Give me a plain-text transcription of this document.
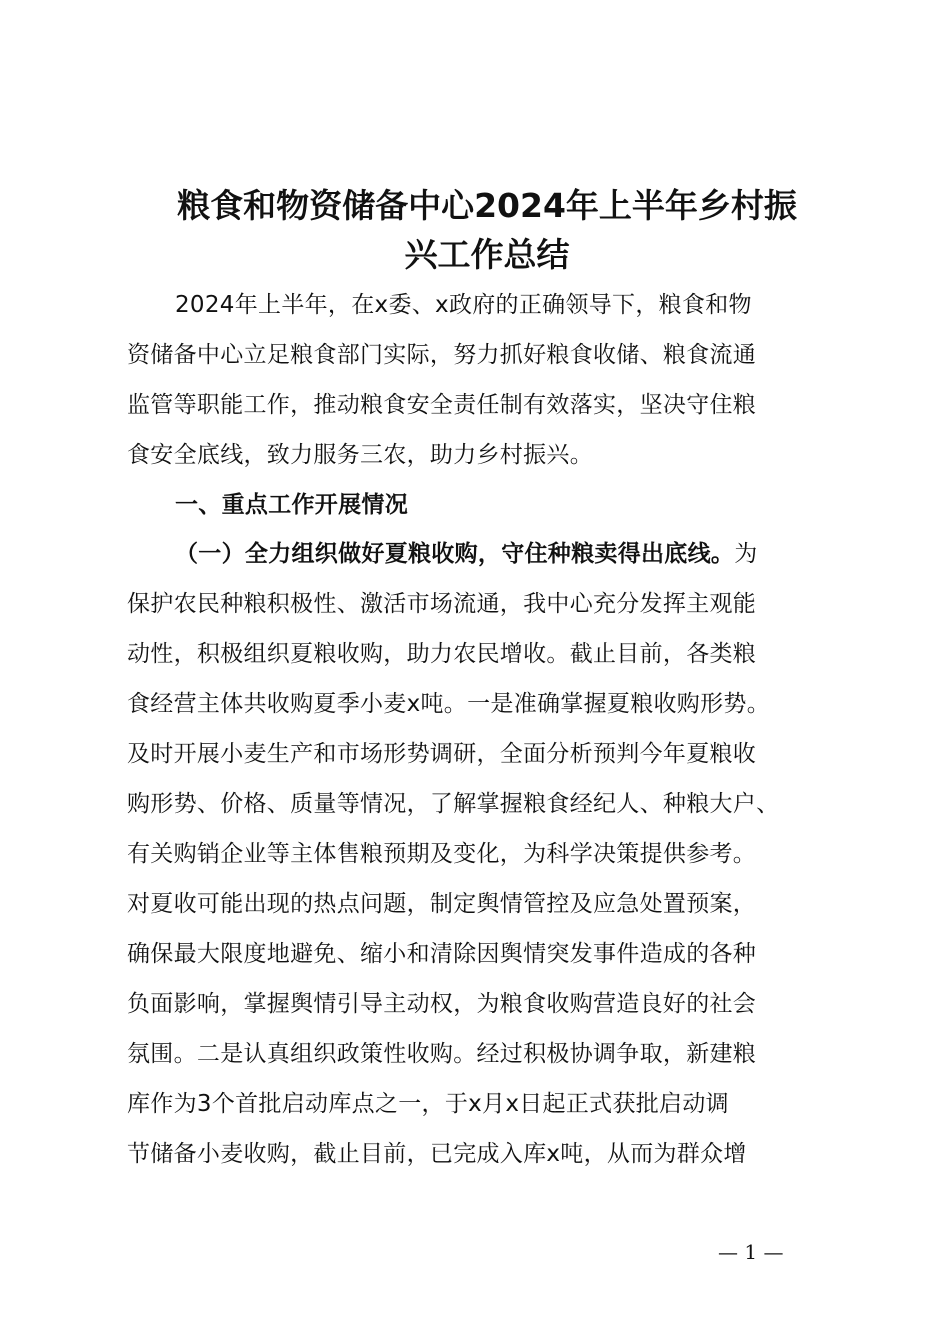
粮食和物资储备中心2024年上半年乡村振
兴工作总结
2024年上半年，在x委、x政府的正确领导下，粮食和物
资储备中心立足粮食部门实际，努力抓好粮食收储、粮食流通
监管等职能工作，推动粮食安全责任制有效落实，坚决守住粮
食安全底线，致力服务三农，助力乡村振兴。
一、重点工作开展情况
（一）全力组织做好夏粮收购，守住种粮卖得出底线。为
保护农民种粮积极性、激活市场流通，我中心充分发挥主观能
动性，积极组织夏粮收购，助力农民增收。截止目前，各类粮
食经营主体共收购夏季小麦x吨。一是准确掌握夏粮收购形势。
及时开展小麦生产和市场形势调研，全面分析预判今年夏粮收
购形势、价格、质量等情况，了解掌握粮食经纪人、种粮大户、
有关购销企业等主体售粮预期及变化，为科学决策提供参考。
对夏收可能出现的热点问题，制定舆情管控及应急处置预案，
确保最大限度地避免、缩小和清除因舆情突发事件造成的各种
负面影响，掌握舆情引导主动权，为粮食收购营造良好的社会
氛围。二是认真组织政策性收购。经过积极协调争取，新建粮
库作为3个首批启动库点之一，于x月x日起正式获批启动调
节储备小麦收购，截止目前，已完成入库x吨，从而为群众增
— 1 —
